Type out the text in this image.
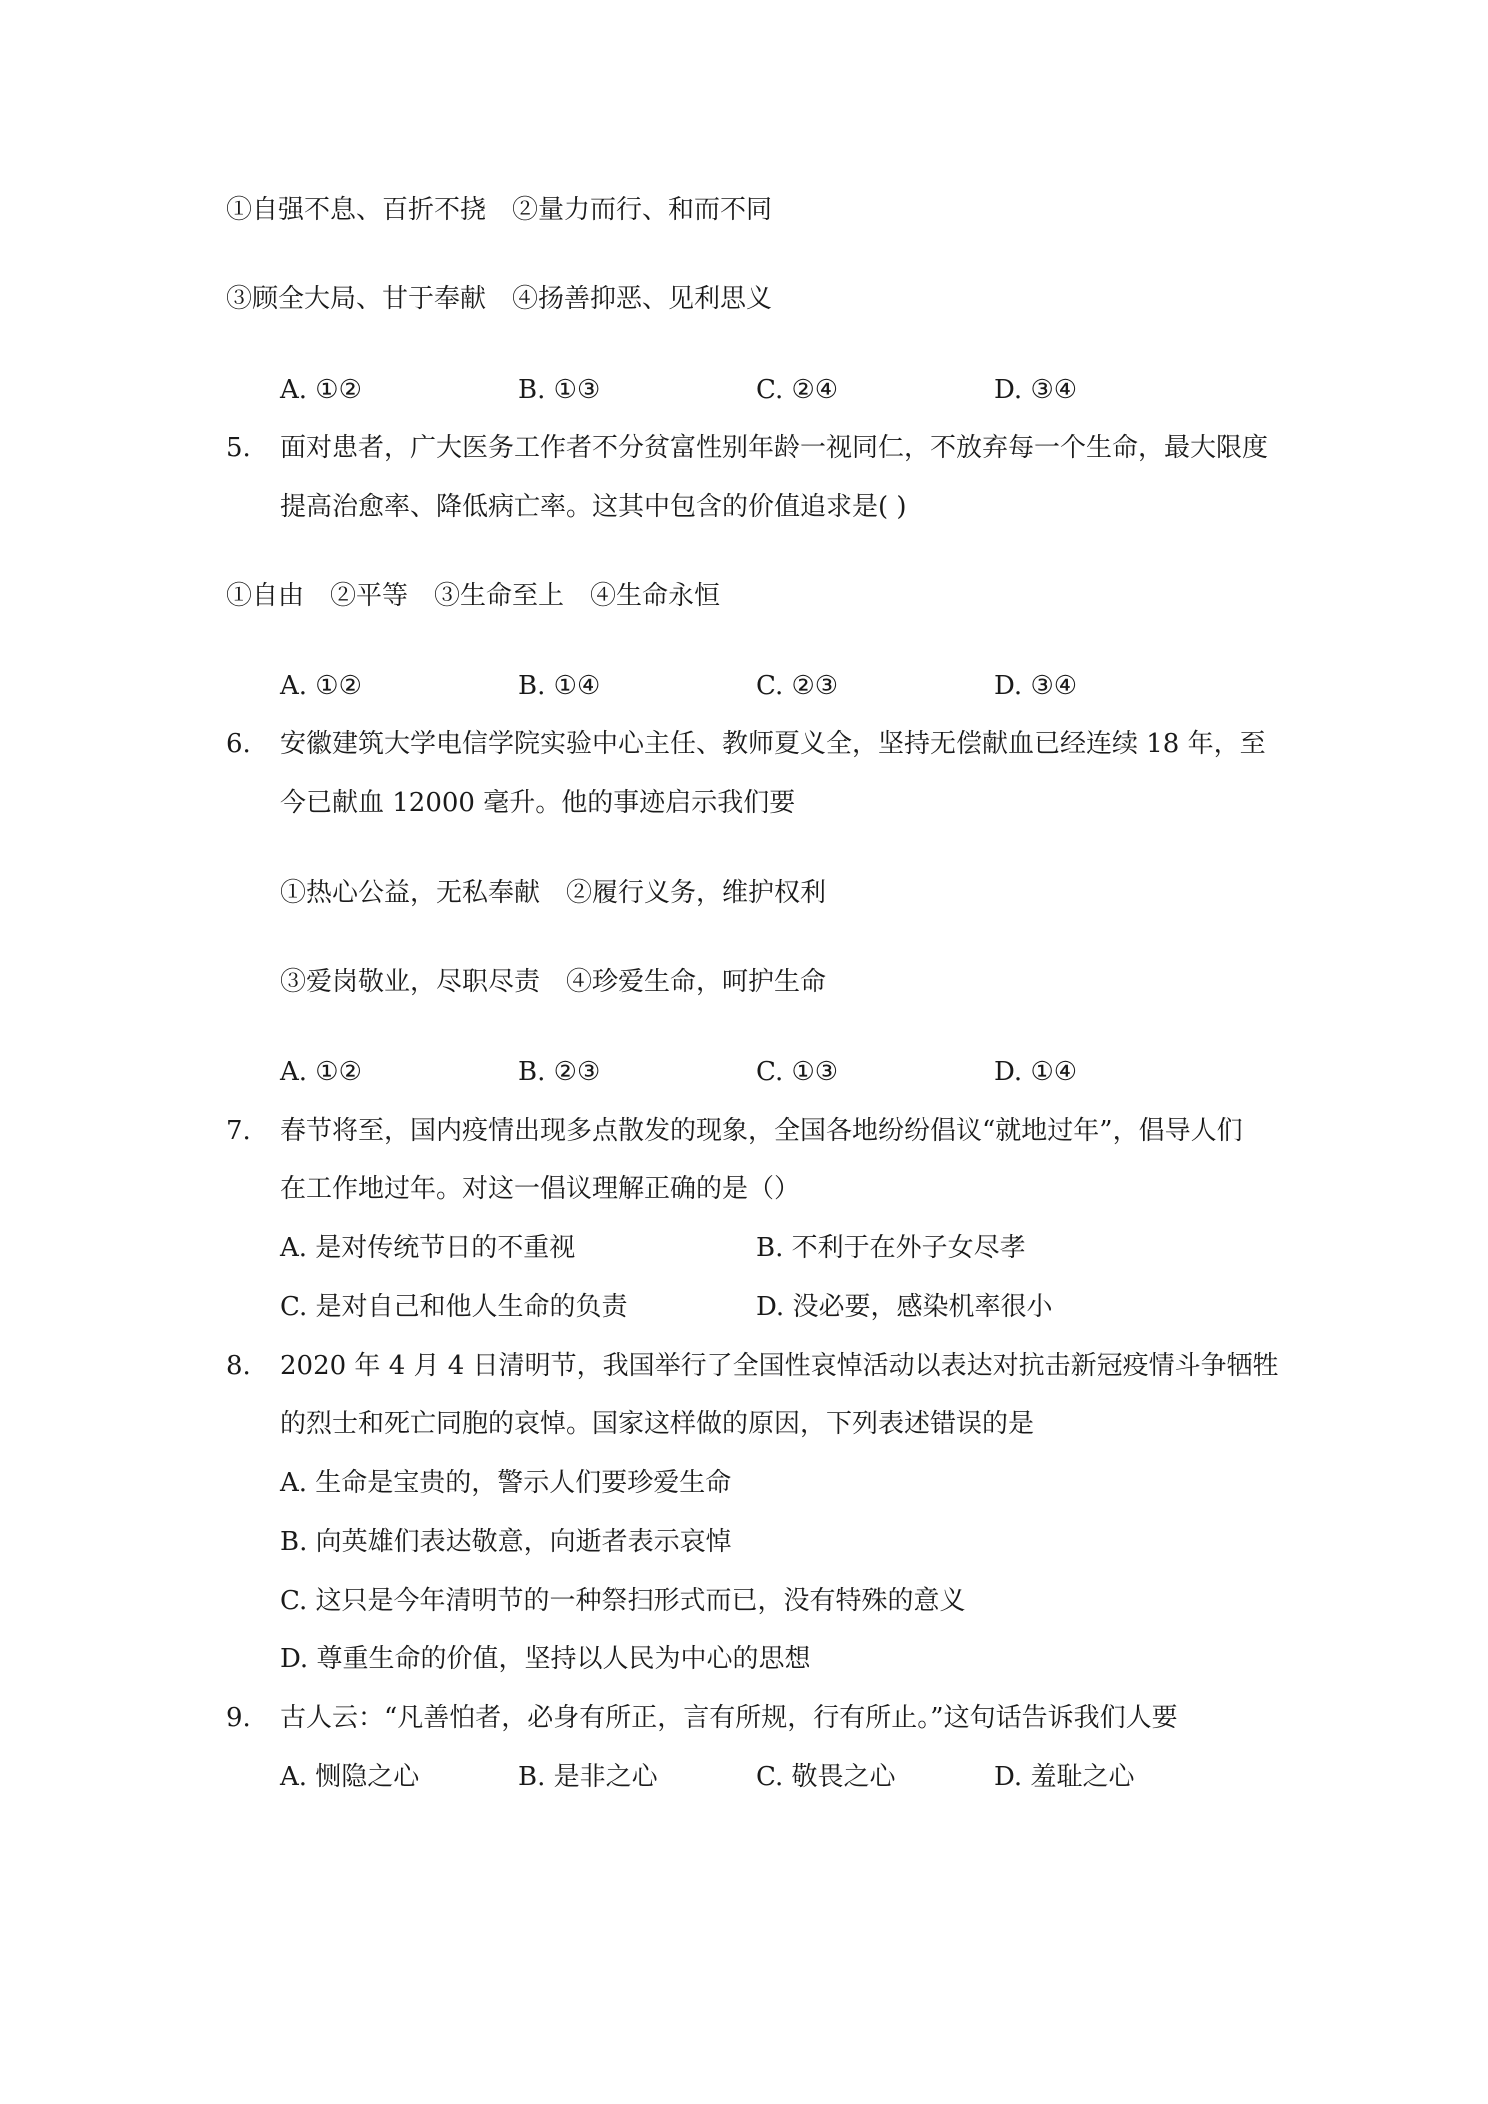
①自强不息、百折不挠　②量力而行、和而不同
③顾全大局、甘于奉献　④扬善抑恶、见利思义
A. ①②	B. ①③	C. ②④	D. ③④
5. 面对患者，广大医务工作者不分贫富性别年龄一视同仁，不放弃每一个生命，最大限度
提高治愈率、降低病亡率。这其中包含的价值追求是( )
①自由　②平等　③生命至上　④生命永恒
A. ①②	B. ①④	C. ②③	D. ③④
6. 安徽建筑大学电信学院实验中心主任、教师夏义全，坚持无偿献血已经连续 18 年，至
今已献血 12000 毫升。他的事迹启示我们要
①热心公益，无私奉献　②履行义务，维护权利
③爱岗敬业，尽职尽责　④珍爱生命，呵护生命
A. ①②	B. ②③	C. ①③	D. ①④
7. 春节将至，国内疫情出现多点散发的现象，全国各地纷纷倡议“就地过年”，倡导人们
在工作地过年。对这一倡议理解正确的是（）
A. 是对传统节日的不重视	B. 不利于在外子女尽孝
C. 是对自己和他人生命的负责	D. 没必要，感染机率很小
8. 2020 年 4 月 4 日清明节，我国举行了全国性哀悼活动以表达对抗击新冠疫情斗争牺牲
的烈士和死亡同胞的哀悼。国家这样做的原因，下列表述错误的是
A. 生命是宝贵的，警示人们要珍爱生命
B. 向英雄们表达敬意，向逝者表示哀悼
C. 这只是今年清明节的一种祭扫形式而已，没有特殊的意义
D. 尊重生命的价值，坚持以人民为中心的思想
9. 古人云：“凡善怕者，必身有所正，言有所规，行有所止。”这句话告诉我们人要
A. 恻隐之心	B. 是非之心	C. 敬畏之心	D. 羞耻之心
